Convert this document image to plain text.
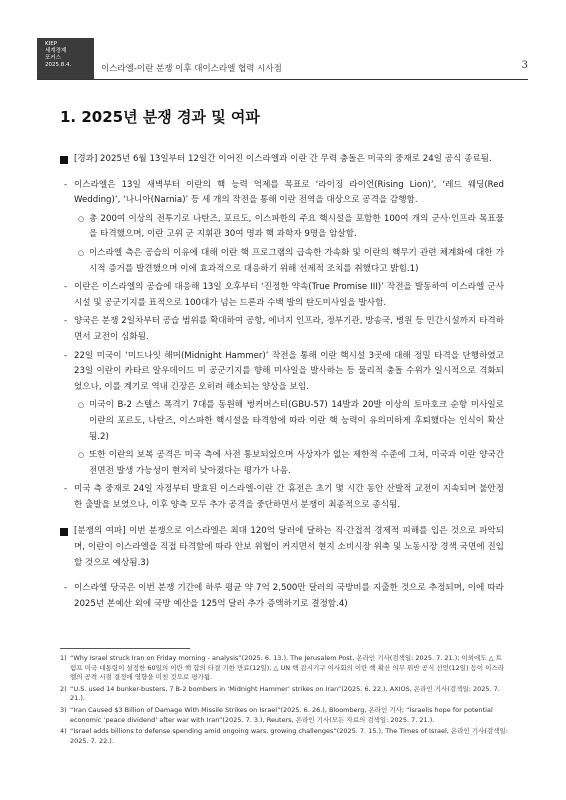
KIEP
세계경제
포커스
2025.8.4.	이스라엘-이란 분쟁 이후 대이스라엘 협력 시사점	3
1. 2025년 분쟁 경과 및 여파
[경과] 2025년 6월 13일부터 12일간 이어진 이스라엘과 이란 간 무력 충돌은 미국의 중재로 24일 공식 종료됨.
- 이스라엘은 13일 새벽부터 이란의 핵 능력 억제를 목표로 ‘라이징 라이언(Rising Lion)’, ‘레드 웨딩(Red Wedding)’, ‘나니아(Narnia)’ 등 세 개의 작전을 통해 이란 전역을 대상으로 공격을 감행함.
○ 총 200여 이상의 전투기로 나탄즈, 포르도, 이스파한의 주요 핵시설을 포함한 100여 개의 군사·인프라 목표물을 타격했으며, 이란 고위 군 지휘관 30여 명과 핵 과학자 9명을 암살함.
○ 이스라엘 측은 공습의 이유에 대해 이란 핵 프로그램의 급속한 가속화 및 이란의 핵무기 관련 체계화에 대한 가시적 증거를 발견했으며 이에 효과적으로 대응하기 위해 선제적 조치를 취했다고 밝힘.1)
- 이란은 이스라엘의 공습에 대응해 13일 오후부터 ‘진정한 약속(True Promise III)’ 작전을 발동하여 이스라엘 군사시설 및 공군기지를 표적으로 100대가 넘는 드론과 수백 발의 탄도미사일을 발사함.
- 양국은 분쟁 2일차부터 공습 범위를 확대하여 공항, 에너지 인프라, 정부기관, 방송국, 병원 등 민간시설까지 타격하면서 교전이 심화됨.
- 22일 미국이 ‘미드나잇 해머(Midnight Hammer)’ 작전을 통해 이란 핵시설 3곳에 대해 정밀 타격을 단행하였고 23일 이란이 카타르 알우데이드 미 공군기지를 향해 미사일을 발사하는 등 물리적 충돌 수위가 일시적으로 격화되었으나, 이를 계기로 역내 긴장은 오히려 해소되는 양상을 보임.
○ 미국이 B-2 스텔스 폭격기 7대를 동원해 벙커버스터(GBU-57) 14발과 20발 이상의 토마호크 순항 미사일로 이란의 포르도, 나탄즈, 이스파한 핵시설을 타격함에 따라 이란 핵 능력이 유의미하게 후퇴했다는 인식이 확산됨.2)
○ 또한 이란의 보복 공격은 미국 측에 사전 통보되었으며 사상자가 없는 제한적 수준에 그쳐, 미국과 이란 양국간 전면전 발생 가능성이 현저히 낮아졌다는 평가가 나옴.
- 미국 측 중재로 24일 자정부터 발효된 이스라엘-이란 간 휴전은 초기 몇 시간 동안 산발적 교전이 지속되며 불안정한 출발을 보였으나, 이후 양측 모두 추가 공격을 중단하면서 분쟁이 최종적으로 종식됨.
[분쟁의 여파] 이번 분쟁으로 이스라엘은 최대 120억 달러에 달하는 직·간접적 경제적 피해를 입은 것으로 파악되며, 이란이 이스라엘을 직접 타격함에 따라 안보 위협이 커지면서 현지 소비시장 위축 및 노동시장 경색 국면에 진입할 것으로 예상됨.3)
- 이스라엘 당국은 이번 분쟁 기간에 하루 평균 약 7억 2,500만 달러의 국방비를 지출한 것으로 추정되며, 이에 따라 2025년 본예산 외에 국방 예산을 125억 달러 추가 증액하기로 결정함.4)
1) “Why Israel struck Iran on Friday morning - analysis”(2025. 6. 13.), The Jerusalem Post, 온라인 기사(검색일: 2025. 7. 21.); 이외에도 △ 트럼프 미국 대통령이 설정한 60일의 이란 핵 합의 타결 기한 만료(12일), △ UN 핵 감시기구 이사회의 이란 핵 확산 의무 위반 공식 선언(12일) 등이 이스라엘의 공격 시점 결정에 영향을 미친 것으로 평가됨.
2) “U.S. used 14 bunker-busters, 7 B-2 bombers in ‘Midnight Hammer’ strikes on Iran”(2025. 6. 22.), AXIOS, 온라인 기사(검색일: 2025. 7. 21.).
3) “Iran Caused $3 Billion of Damage With Missile Strikes on Israel”(2025. 6. 26.), Bloomberg, 온라인 기사; “Israelis hope for potential economic ‘peace dividend’ after war with Iran”(2025. 7. 3.), Reuters, 온라인 기사(모든 자료의 검색일: 2025. 7. 21.).
4) “Israel adds billions to defense spending amid ongoing wars, growing challenges”(2025. 7. 15.), The Times of Israel, 온라인 기사(검색일: 2025. 7. 22.).
